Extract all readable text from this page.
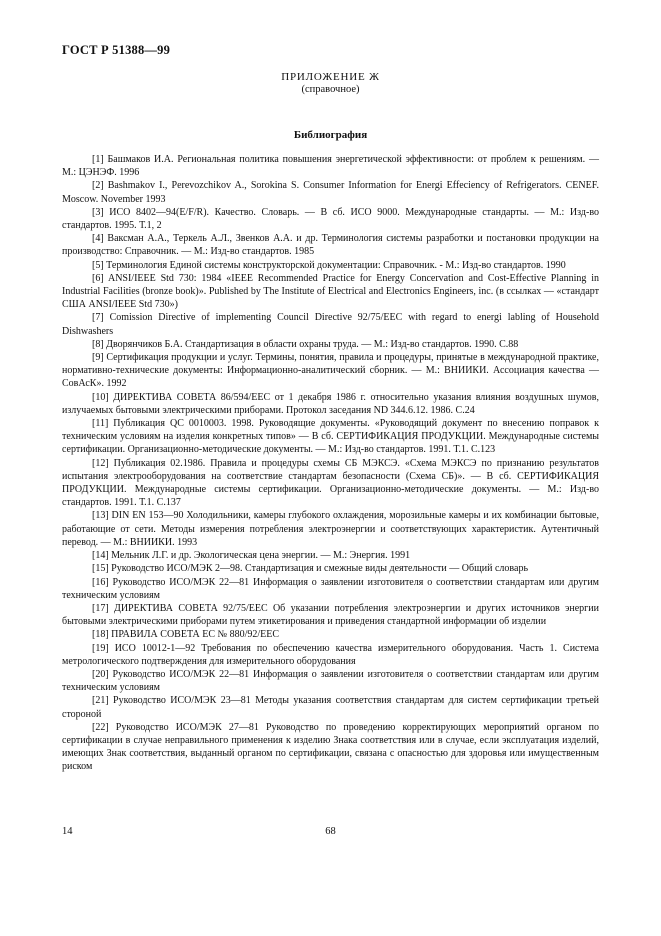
ГОСТ Р 51388—99
ПРИЛОЖЕНИЕ Ж
(справочное)
Библиография
[1] Башмаков И.А. Региональная политика повышения энергетической эффективности: от проблем к решениям. — М.: ЦЭНЭФ. 1996
[2] Bashmakov I., Perevozchikov A., Sorokina S. Consumer Information for Energi Effeciency of Refrigerators. CENEF. Moscow. November 1993
[3] ИСО 8402—94(E/F/R). Качество. Словарь. — В сб. ИСО 9000. Международные стандарты. — М.: Изд-во стандартов. 1995. Т.1, 2
[4] Ваксман А.А., Теркель А.Л., Звенков А.А. и др. Терминология системы разработки и постановки продукции на производство: Справочник. — М.: Изд-во стандартов. 1985
[5] Терминология Единой системы конструкторской документации: Справочник. - М.: Изд-во стандартов. 1990
[6] ANSI/IEEE Std 730: 1984 «IEEE Recommended Practice for Energy Concervation and Cost-Effective Planning in Industrial Facilities (bronze book)». Published by The Institute of Electrical and Electronics Engineers, inc. (в ссылках — «стандарт США ANSI/IEEE Std 730»)
[7] Comission Directive of implementing Council Directive 92/75/EEC with regard to energi labling of Household Dishwashers
[8] Дворянчиков Б.А. Стандартизация в области охраны труда. — М.: Изд-во стандартов. 1990. С.88
[9] Сертификация продукции и услуг. Термины, понятия, правила и процедуры, принятые в международной практике, нормативно-технические документы: Информационно-аналитический сборник. — М.: ВНИИКИ. Ассоциация качества — СовАсК». 1992
[10] ДИРЕКТИВА СОВЕТА 86/594/EEC от 1 декабря 1986 г. относительно указания влияния воздушных шумов, излучаемых бытовыми электрическими приборами. Протокол заседания ND 344.6.12. 1986. С.24
[11] Публикация QC 0010003. 1998. Руководящие документы. «Руководящий документ по внесению поправок к техническим условиям на изделия конкретных типов» — В сб. СЕРТИФИКАЦИЯ ПРОДУКЦИИ. Международные системы сертификации. Организационно-методические документы. — М.: Изд-во стандартов. 1991. Т.1. С.123
[12] Публикация 02.1986. Правила и процедуры схемы СБ МЭКСЭ. «Схема МЭКСЭ по признанию результатов испытания электрооборудования на соответствие стандартам безопасности (Схема СБ)». — В сб. СЕРТИФИКАЦИЯ ПРОДУКЦИИ. Международные системы сертификации. Организационно-методические документы. — М.: Изд-во стандартов. 1991. Т.1. С.137
[13] DIN EN 153—90 Холодильники, камеры глубокого охлаждения, морозильные камеры и их комбинации бытовые, работающие от сети. Методы измерения потребления электроэнергии и соответствующих характеристик. Аутентичный перевод. — М.: ВНИИКИ. 1993
[14] Мельник Л.Г. и др. Экологическая цена энергии. — М.: Энергия. 1991
[15] Руководство ИСО/МЭК 2—98. Стандартизация и смежные виды деятельности — Общий словарь
[16] Руководство ИСО/МЭК 22—81 Информация о заявлении изготовителя о соответствии стандартам или другим техническим условиям
[17] ДИРЕКТИВА СОВЕТА 92/75/EEC Об указании потребления электроэнергии и других источников энергии бытовыми электрическими приборами путем этикетирования и приведения стандартной информации об изделии
[18] ПРАВИЛА СОВЕТА ЕС № 880/92/EEC
[19] ИСО 10012-1—92 Требования по обеспечению качества измерительного оборудования. Часть 1. Система метрологического подтверждения для измерительного оборудования
[20] Руководство ИСО/МЭК 22—81 Информация о заявлении изготовителя о соответствии стандартам или другим техническим условиям
[21] Руководство ИСО/МЭК 23—81 Методы указания соответствия стандартам для систем сертификации третьей стороной
[22] Руководство ИСО/МЭК 27—81 Руководство по проведению корректирующих мероприятий органом по сертификации в случае неправильного применения к изделию Знака соответствия или в случае, если эксплуатация изделий, имеющих Знак соответствия, выданный органом по сертификации, связана с опасностью для здоровья или имущественным риском
14	68
